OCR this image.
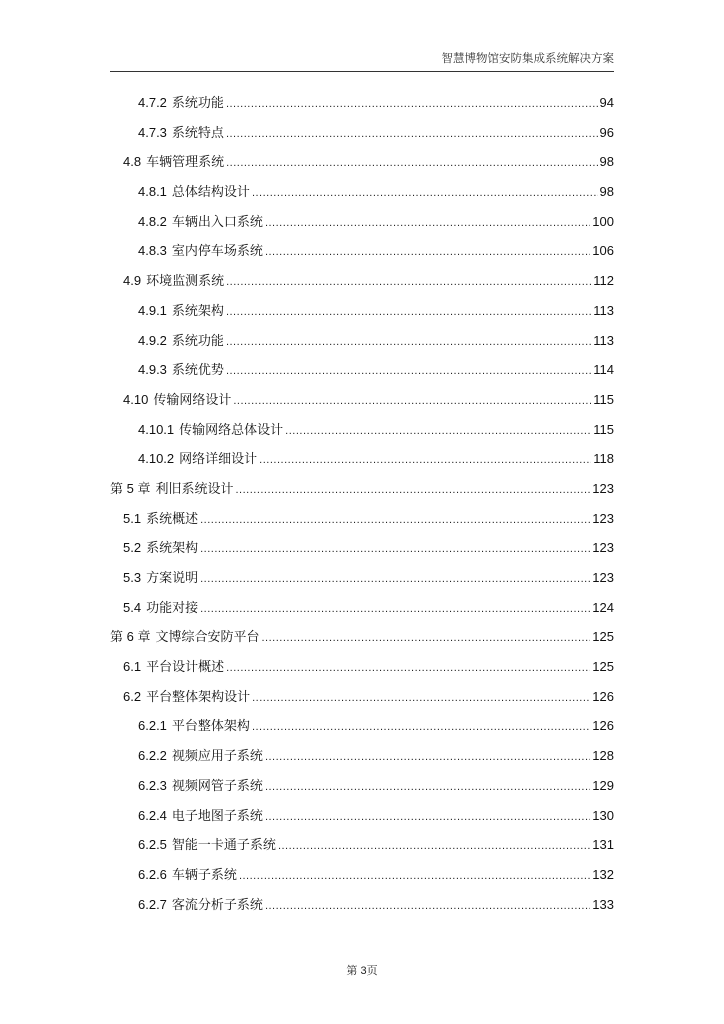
智慧博物馆安防集成系统解决方案
4.7.2 系统功能 .....	94
4.7.3 系统特点 .....	96
4.8 车辆管理系统 .....	98
4.8.1 总体结构设计 .....	98
4.8.2 车辆出入口系统 .....	100
4.8.3 室内停车场系统 .....	106
4.9 环境监测系统 .....	112
4.9.1 系统架构 .....	113
4.9.2 系统功能 .....	113
4.9.3 系统优势 .....	114
4.10 传输网络设计 .....	115
4.10.1 传输网络总体设计 .....	115
4.10.2 网络详细设计 .....	118
第 5 章 利旧系统设计 .....	123
5.1 系统概述 .....	123
5.2 系统架构 .....	123
5.3 方案说明 .....	123
5.4 功能对接 .....	124
第 6 章 文博综合安防平台 .....	125
6.1 平台设计概述 .....	125
6.2 平台整体架构设计 .....	126
6.2.1 平台整体架构 .....	126
6.2.2 视频应用子系统 .....	128
6.2.3 视频网管子系统 .....	129
6.2.4 电子地图子系统 .....	130
6.2.5 智能一卡通子系统 .....	131
6.2.6 车辆子系统 .....	132
6.2.7 客流分析子系统 .....	133
第 3页
